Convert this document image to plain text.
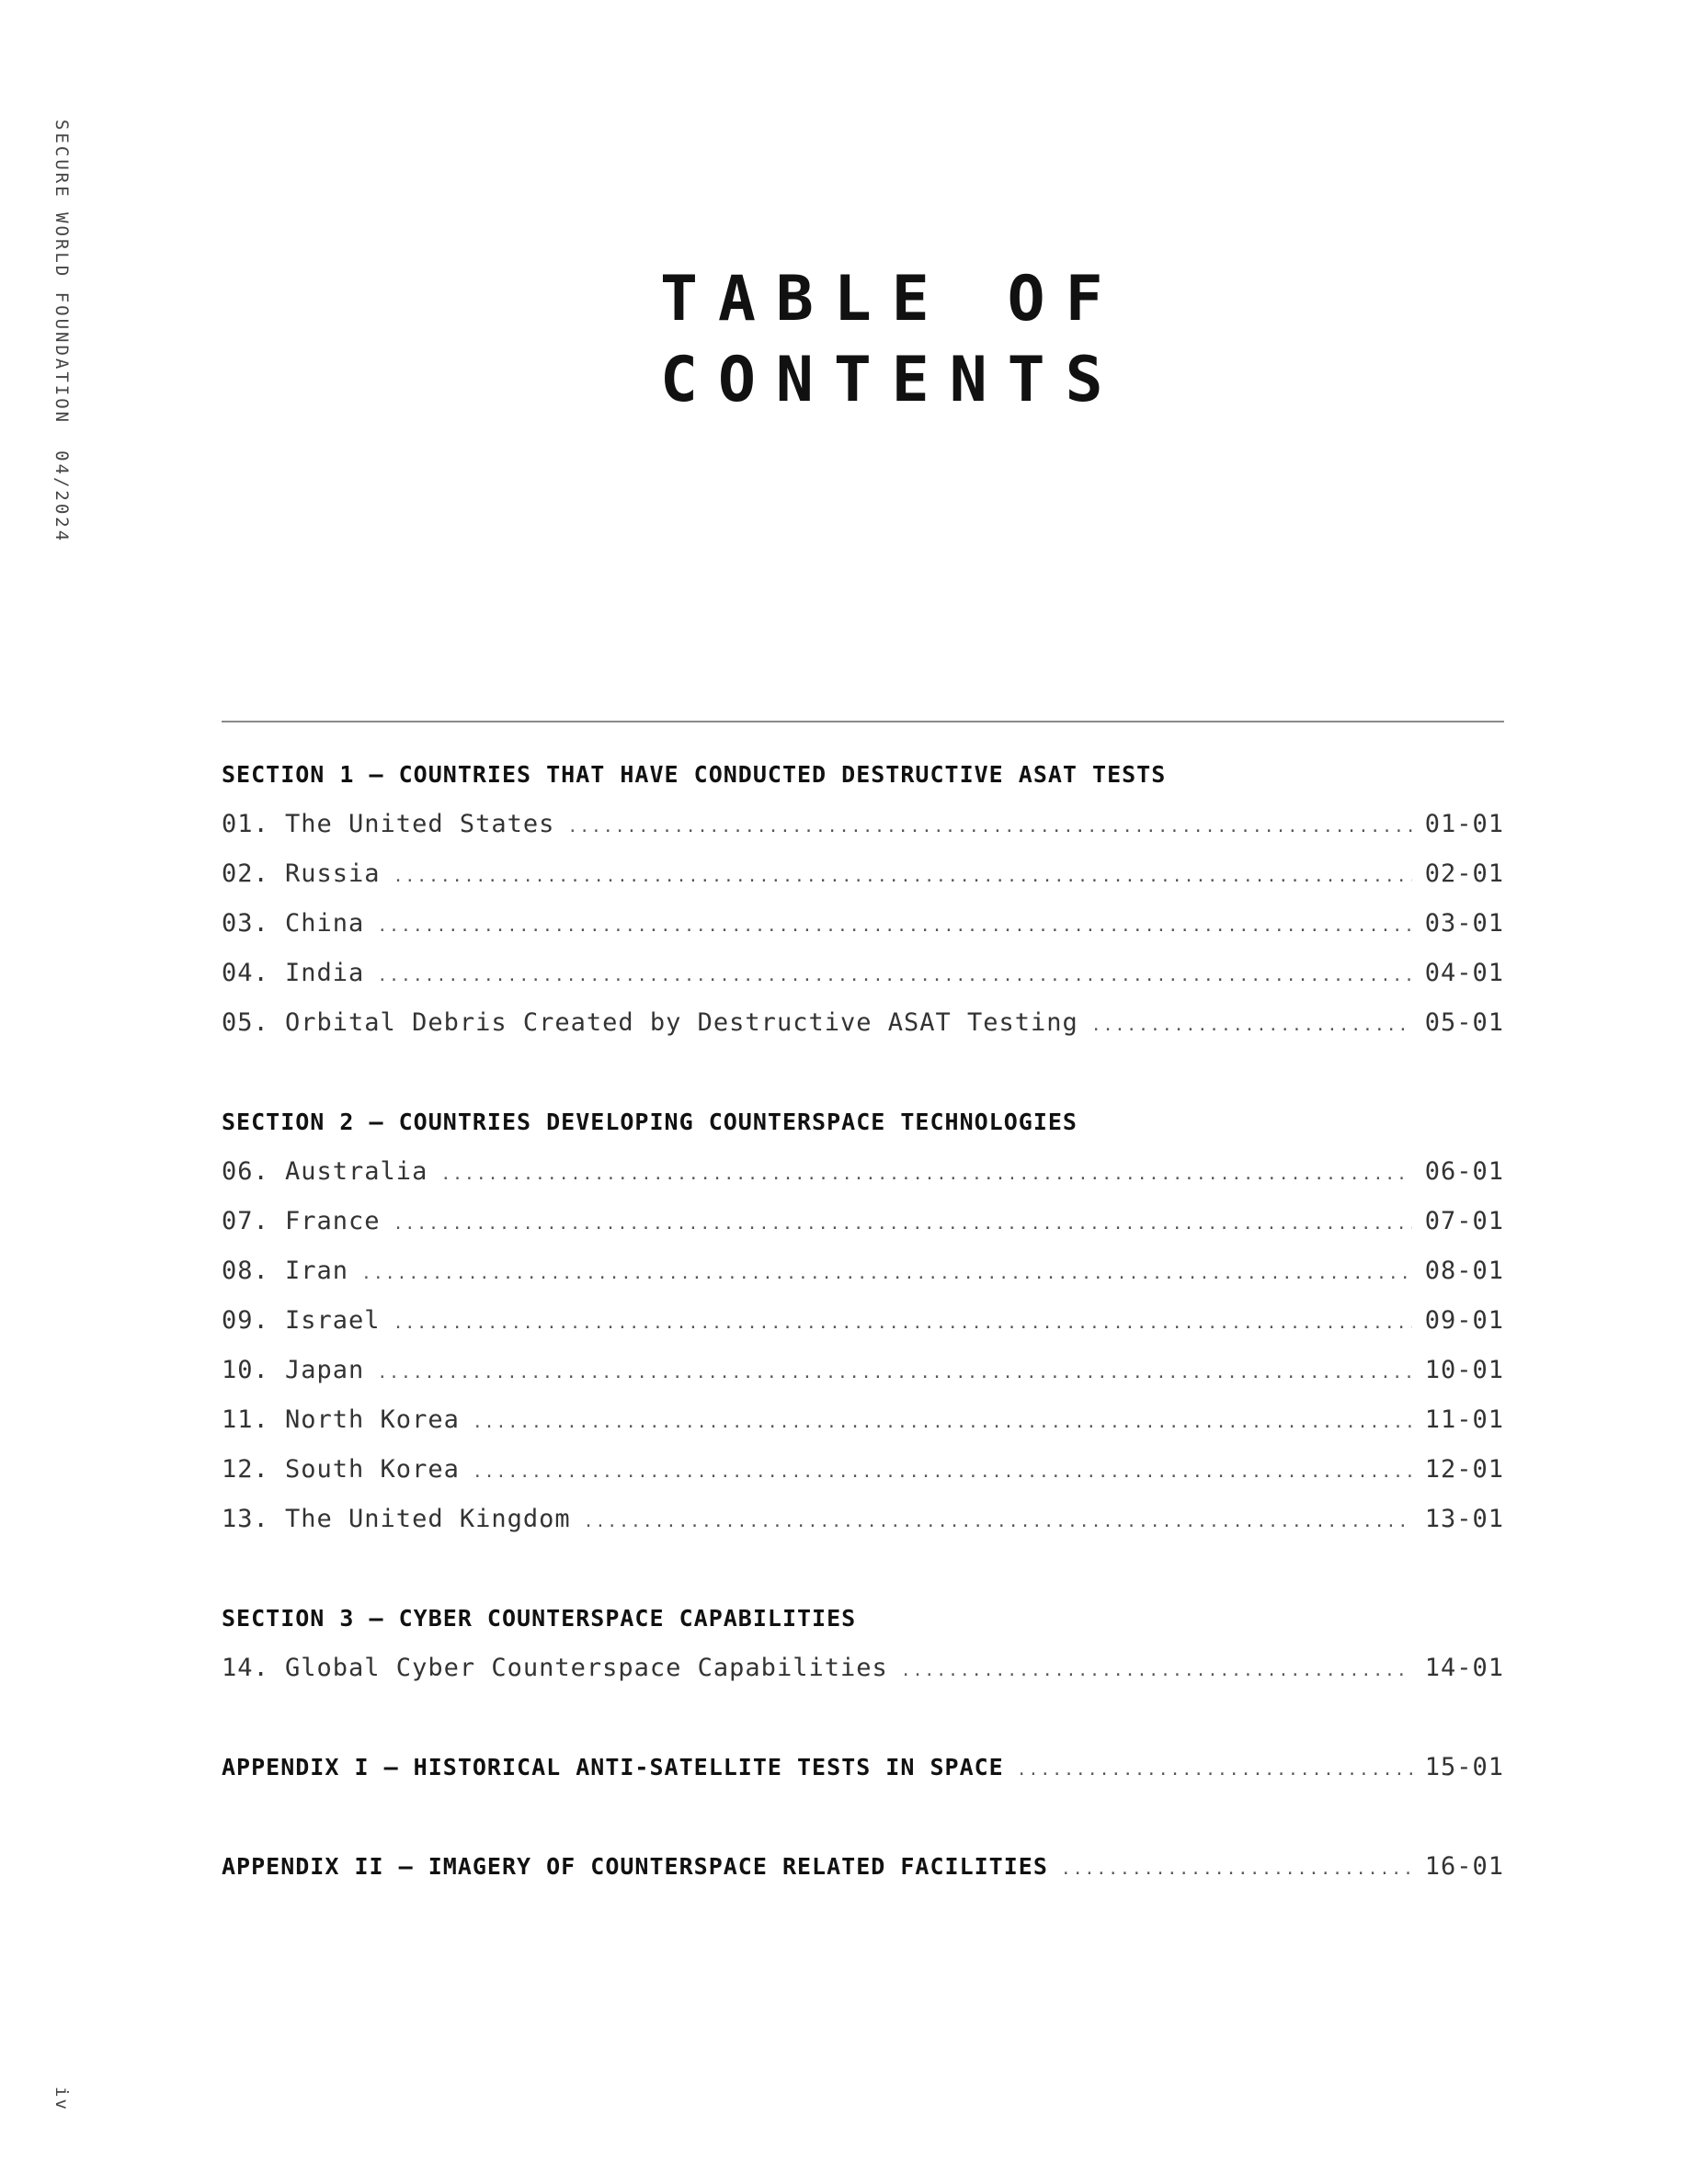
SECURE WORLD FOUNDATION04/2024
TABLE OF
CONTENTS
SECTION 1 — COUNTRIES THAT HAVE CONDUCTED DESTRUCTIVE ASAT TESTS
01. The United States .....	01-01
02. Russia .....	02-01
03. China .....	03-01
04. India .....	04-01
05. Orbital Debris Created by Destructive ASAT Testing .....	05-01
SECTION 2 — COUNTRIES DEVELOPING COUNTERSPACE TECHNOLOGIES
06. Australia .....	06-01
07. France .....	07-01
08. Iran .....	08-01
09. Israel .....	09-01
10. Japan .....	10-01
11. North Korea .....	11-01
12. South Korea .....	12-01
13. The United Kingdom .....	13-01
SECTION 3 — CYBER COUNTERSPACE CAPABILITIES
14. Global Cyber Counterspace Capabilities .....	14-01
APPENDIX I — HISTORICAL ANTI-SATELLITE TESTS IN SPACE .....	15-01
APPENDIX II — IMAGERY OF COUNTERSPACE RELATED FACILITIES .....	16-01
iv
